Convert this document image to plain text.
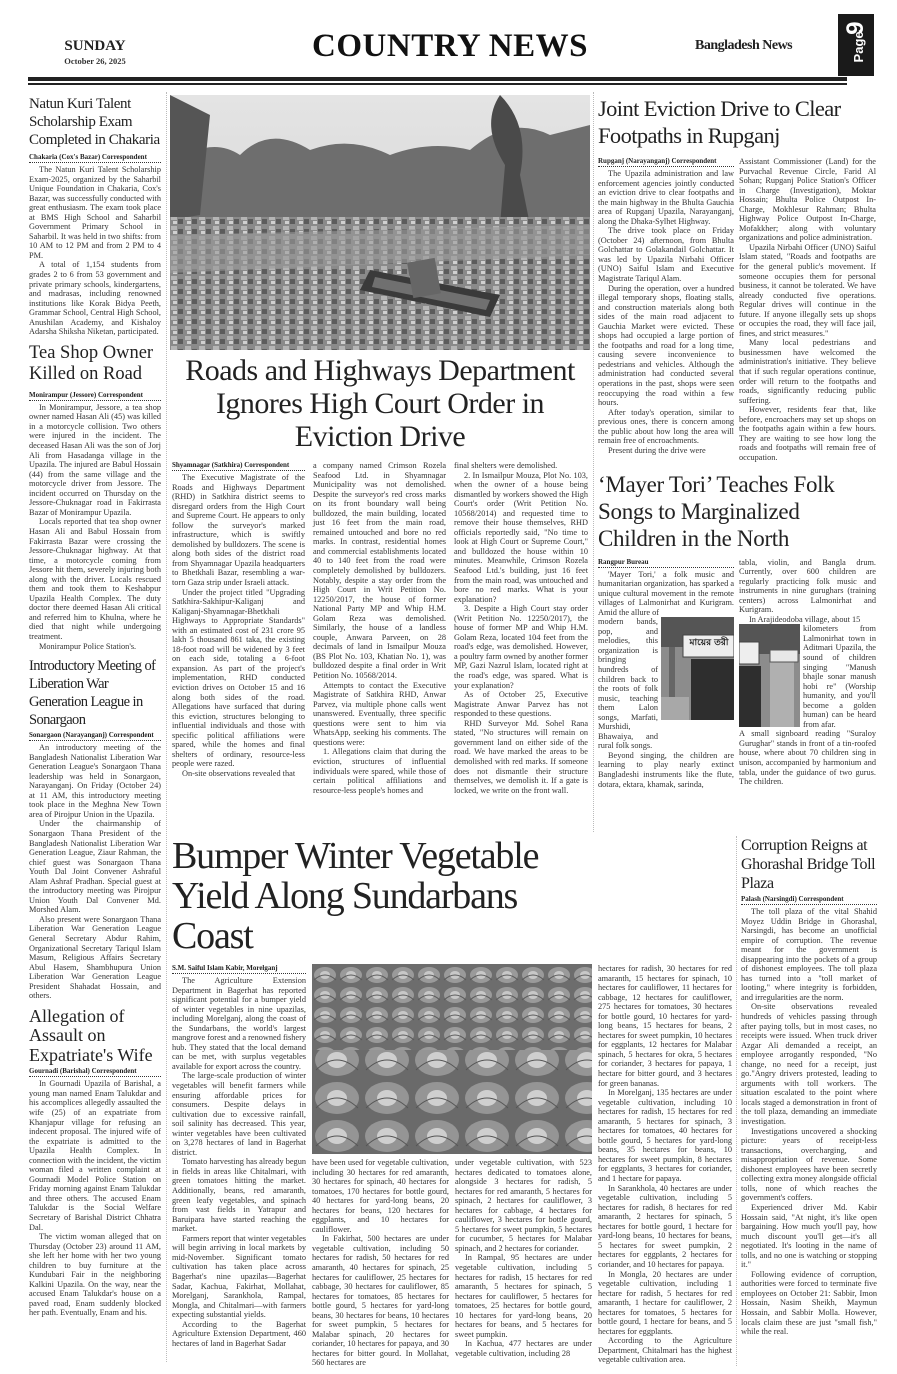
SUNDAY
October 26, 2025	COUNTRY NEWS	Bangladesh News	Page 9
Natun Kuri Talent Scholarship Exam Completed in Chakaria
Chakaria (Cox's Bazar) Correspondent

The Natun Kuri Talent Scholarship Exam-2025, organized by the Saharbil Unique Foundation in Chakaria, Cox's Bazar, was successfully conducted with great enthusiasm. The exam took place at BMS High School and Saharbil Government Primary School in Saharbil. It was held in two shifts: from 10 AM to 12 PM and from 2 PM to 4 PM.

A total of 1,154 students from grades 2 to 6 from 53 government and private primary schools, kindergartens, and madrasas, including renowned institutions like Korak Bidya Peeth, Grammar School, Central High School, Anushilan Academy, and Kishaloy Adarsha Shiksha Niketan, participated.

Tea Shop Owner Killed on Road
Monirampur (Jessore) Correspondent

In Monirampur, Jessore, a tea shop owner named Hasan Ali (45) was killed in a motorcycle collision. Two others were injured in the incident. The deceased Hasan Ali was the son of Jorj Ali from Hasadanga village in the Upazila. The injured are Babul Hossain (44) from the same village and the motorcycle driver from Jessore. The incident occurred on Thursday on the Jessore-Chuknagar road in Fakirrasta Bazar of Monirampur Upazila.

Locals reported that tea shop owner Hasan Ali and Babul Hossain from Fakirrasta Bazar were crossing the Jessore-Chuknagar highway. At that time, a motorcycle coming from Jessore hit them, severely injuring both along with the driver. Locals rescued them and took them to Keshabpur Upazila Health Complex. The duty doctor there deemed Hasan Ali critical and referred him to Khulna, where he died that night while undergoing treatment.

Monirampur Police Station's.

Introductory Meeting of Liberation War Generation League in Sonargaon
Sonargaon (Narayanganj) Correspondent

An introductory meeting of the Bangladesh Nationalist Liberation War Generation League's Sonargaon Thana leadership was held in Sonargaon, Narayanganj. On Friday (October 24) at 11 AM, this introductory meeting took place in the Meghna New Town area of Pirojpur Union in the Upazila.

Under the chairmanship of Sonargaon Thana President of the Bangladesh Nationalist Liberation War Generation League, Ziaur Rahman, the chief guest was Sonargaon Thana Youth Dal Joint Convener Ashraful Alam Ashraf Pradhan. Special guest at the introductory meeting was Pirojpur Union Youth Dal Convener Md. Morshed Alam.

Also present were Sonargaon Thana Liberation War Generation League General Secretary Abdur Rahim, Organizational Secretary Tariqul Islam Masum, Religious Affairs Secretary Abul Hasem, Shambhupura Union Liberation War Generation League President Shahadat Hossain, and others.

Allegation of Assault on Expatriate's Wife
Gournadi (Barishal) Correspondent

In Gournadi Upazila of Barishal, a young man named Enam Talukdar and his accomplices allegedly assaulted the wife (25) of an expatriate from Khanjapur village for refusing an indecent proposal. The injured wife of the expatriate is admitted to the Upazila Health Complex. In connection with the incident, the victim woman filed a written complaint at Gournadi Model Police Station on Friday morning against Enam Talukdar and three others. The accused Enam Talukdar is the Social Welfare Secretary of Barishal District Chhatra Dal.

The victim woman alleged that on Thursday (October 23) around 11 AM, she left her home with her two young children to buy furniture at the Kundubari Fair in the neighboring Kalkini Upazila. On the way, near the accused Enam Talukdar's house on a paved road, Enam suddenly blocked her path. Eventually, Enam and his.

Roads and Highways Department Ignores High Court Order in Eviction Drive
Shyamnagar (Satkhira) Correspondent

The Executive Magistrate of the Roads and Highways Department (RHD) in Satkhira district seems to disregard orders from the High Court and Supreme Court. He appears to only follow the surveyor's marked infrastructure, which is swiftly demolished by bulldozers. The scene is along both sides of the district road from Shyamnagar Upazila headquarters to Bhetkhali Bazar, resembling a war-torn Gaza strip under Israeli attack.

Under the project titled "Upgrading Satkhira-Sakhipur-Kaliganj and Kaliganj-Shyamnagar-Bhetkhali Highways to Appropriate Standards" with an estimated cost of 231 crore 95 lakh 5 thousand 861 taka, the existing 18-foot road will be widened by 3 feet on each side, totaling a 6-foot expansion. As part of the project's implementation, RHD conducted eviction drives on October 15 and 16 along both sides of the road. Allegations have surfaced that during this eviction, structures belonging to influential individuals and those with specific political affiliations were spared, while the homes and final shelters of ordinary, resource-less people were razed.

On-site observations revealed that

a company named Crimson Rozela Seafood Ltd. in Shyamnagar Municipality was not demolished. Despite the surveyor's red cross marks on its front boundary wall being bulldozed, the main building, located just 16 feet from the main road, remained untouched and bore no red marks. In contrast, residential homes and commercial establishments located 40 to 140 feet from the road were completely demolished by bulldozers. Notably, despite a stay order from the High Court in Writ Petition No. 12250/2017, the house of former National Party MP and Whip H.M. Golam Reza was demolished. Similarly, the house of a landless couple, Anwara Parveen, on 28 decimals of land in Ismailpur Mouza (BS Plot No. 103, Khatian No. 1), was bulldozed despite a final order in Writ Petition No. 10568/2014.

Attempts to contact the Executive Magistrate of Satkhira RHD, Anwar Parvez, via multiple phone calls went unanswered. Eventually, three specific questions were sent to him via WhatsApp, seeking his comments. The questions were:

1. Allegations claim that during the eviction, structures of influential individuals were spared, while those of certain political affiliations and resource-less people's homes and

final shelters were demolished.

2. In Ismailpur Mouza, Plot No. 103, when the owner of a house being dismantled by workers showed the High Court's order (Writ Petition No. 10568/2014) and requested time to remove their house themselves, RHD officials reportedly said, "No time to look at High Court or Supreme Court," and bulldozed the house within 10 minutes. Meanwhile, Crimson Rozela Seafood Ltd.'s building, just 16 feet from the main road, was untouched and bore no red marks. What is your explanation?

3. Despite a High Court stay order (Writ Petition No. 12250/2017), the house of former MP and Whip H.M. Golam Reza, located 104 feet from the road's edge, was demolished. However, a poultry farm owned by another former MP, Gazi Nazrul Islam, located right at the road's edge, was spared. What is your explanation?

As of October 25, Executive Magistrate Anwar Parvez has not responded to these questions.

RHD Surveyor Md. Sohel Rana stated, "No structures will remain on government land on either side of the road. We have marked the areas to be demolished with red marks. If someone does not dismantle their structure themselves, we demolish it. If a gate is locked, we write on the front wall.

Joint Eviction Drive to Clear Footpaths in Rupganj
Rupganj (Narayanganj) Correspondent

The Upazila administration and law enforcement agencies jointly conducted an eviction drive to clear footpaths and the main highway in the Bhulta Gauchia area of Rupganj Upazila, Narayanganj, along the Dhaka-Sylhet Highway.

The drive took place on Friday (October 24) afternoon, from Bhulta Golchattar to Golakandail Golchattar. It was led by Upazila Nirbahi Officer (UNO) Saiful Islam and Executive Magistrate Tariqul Alam.

During the operation, over a hundred illegal temporary shops, floating stalls, and construction materials along both sides of the main road adjacent to Gauchia Market were evicted. These shops had occupied a large portion of the footpaths and road for a long time, causing severe inconvenience to pedestrians and vehicles. Although the administration had conducted several operations in the past, shops were seen reoccupying the road within a few hours.

After today's operation, similar to previous ones, there is concern among the public about how long the area will remain free of encroachments.

Present during the drive were

Assistant Commissioner (Land) for the Purvachal Revenue Circle, Farid Al Sohan; Rupganj Police Station's Officer in Charge (Investigation), Moktar Hossain; Bhulta Police Outpost In-Charge, Mokhlesur Rahman; Bhulta Highway Police Outpost In-Charge, Mofakkher; along with voluntary organizations and police administration.

Upazila Nirbahi Officer (UNO) Saiful Islam stated, "Roads and footpaths are for the general public's movement. If someone occupies them for personal business, it cannot be tolerated. We have already conducted five operations. Regular drives will continue in the future. If anyone illegally sets up shops or occupies the road, they will face jail, fines, and strict measures."

Many local pedestrians and businessmen have welcomed the administration's initiative. They believe that if such regular operations continue, order will return to the footpaths and roads, significantly reducing public suffering.

However, residents fear that, like before, encroachers may set up shops on the footpaths again within a few hours. They are waiting to see how long the roads and footpaths will remain free of occupation.

‘Mayer Tori’ Teaches Folk Songs to Marginalized Children in the North
Rangpur Bureau

'Mayer Tori,' a folk music and humanitarian organization, has sparked a unique cultural movement in the remote villages of Lalmonirhat and Kurigram. Amid the allure of

modern bands, pop, and melodies, this organization is bringing hundreds of children back to the roots of folk music, teaching them Lalon songs, Marfati, Murshidi, Bhawaiya, and rural folk songs.

মায়ের তরী

Beyond singing, the children are learning to play nearly extinct Bangladeshi instruments like the flute, dotara, ektara, khamak, sarinda,

tabla, violin, and Bangla drum. Currently, over 600 children are regularly practicing folk music and instruments in nine gurughars (training centers) across Lalmonirhat and Kurigram.

In Arajideodoba village, about 15

kilometers from Lalmonirhat town in Aditmari Upazila, the sound of children singing "Manush bhajle sonar manush hobi re" (Worship humanity, and you'll become a golden human) can be heard from afar.

A small signboard reading "Suraloy Gurughar" stands in front of a tin-roofed house, where about 70 children sing in unison, accompanied by harmonium and tabla, under the guidance of two gurus. The children.

Bumper Winter Vegetable Yield Along Sundarbans Coast
S.M. Saiful Islam Kabir, Morelganj

The Agriculture Extension Department in Bagerhat has reported significant potential for a bumper yield of winter vegetables in nine upazilas, including Morelganj, along the coast of the Sundarbans, the world's largest mangrove forest and a renowned fishery hub. They stated that the local demand can be met, with surplus vegetables available for export across the country.

The large-scale production of winter vegetables will benefit farmers while ensuring affordable prices for consumers. Despite delays in cultivation due to excessive rainfall, soil salinity has decreased. This year, winter vegetables have been cultivated on 3,278 hectares of land in Bagerhat district.

Tomato harvesting has already begun in fields in areas like Chitalmari, with green tomatoes hitting the market. Additionally, beans, red amaranth, green leafy vegetables, and spinach from vast fields in Yatrapur and Baruipara have started reaching the market.

Farmers report that winter vegetables will begin arriving in local markets by mid-November. Significant tomato cultivation has taken place across Bagerhat's nine upazilas—Bagerhat Sadar, Kachua, Fakirhat, Mollahat, Morelganj, Sarankhola, Rampal, Mongla, and Chitalmari—with farmers expecting substantial yields.

According to the Bagerhat Agriculture Extension Department, 460 hectares of land in Bagerhat Sadar

have been used for vegetable cultivation, including 30 hectares for red amaranth, 30 hectares for spinach, 40 hectares for tomatoes, 170 hectares for bottle gourd, 40 hectares for yard-long beans, 20 hectares for beans, 120 hectares for eggplants, and 10 hectares for cauliflower.

In Fakirhat, 500 hectares are under vegetable cultivation, including 50 hectares for radish, 50 hectares for red amaranth, 40 hectares for spinach, 25 hectares for cauliflower, 25 hectares for cabbage, 30 hectares for cauliflower, 85 hectares for tomatoes, 85 hectares for bottle gourd, 5 hectares for yard-long beans, 30 hectares for beans, 10 hectares for sweet pumpkin, 5 hectares for Malabar spinach, 20 hectares for coriander, 10 hectares for papaya, and 30 hectares for bitter gourd. In Mollahat, 560 hectares are

under vegetable cultivation, with 523 hectares dedicated to tomatoes alone, alongside 3 hectares for radish, 5 hectares for red amaranth, 5 hectares for spinach, 2 hectares for cauliflower, 3 hectares for cabbage, 4 hectares for cauliflower, 3 hectares for bottle gourd, 5 hectares for sweet pumpkin, 5 hectares for cucumber, 5 hectares for Malabar spinach, and 2 hectares for coriander.

In Rampal, 95 hectares are under vegetable cultivation, including 5 hectares for radish, 15 hectares for red amaranth, 5 hectares for spinach, 5 hectares for cauliflower, 5 hectares for tomatoes, 25 hectares for bottle gourd, 10 hectares for yard-long beans, 20 hectares for beans, and 5 hectares for sweet pumpkin.

In Kachua, 477 hectares are under vegetable cultivation, including 28

hectares for radish, 30 hectares for red amaranth, 15 hectares for spinach, 10 hectares for cauliflower, 11 hectares for cabbage, 12 hectares for cauliflower, 275 hectares for tomatoes, 30 hectares for bottle gourd, 10 hectares for yard-long beans, 15 hectares for beans, 2 hectares for sweet pumpkin, 10 hectares for eggplants, 12 hectares for Malabar spinach, 5 hectares for okra, 5 hectares for coriander, 3 hectares for papaya, 1 hectare for bitter gourd, and 3 hectares for green bananas.

In Morelganj, 135 hectares are under vegetable cultivation, including 10 hectares for radish, 15 hectares for red amaranth, 5 hectares for spinach, 3 hectares for tomatoes, 40 hectares for bottle gourd, 5 hectares for yard-long beans, 35 hectares for beans, 10 hectares for sweet pumpkin, 8 hectares for eggplants, 3 hectares for coriander, and 1 hectare for papaya.

In Sarankhola, 40 hectares are under vegetable cultivation, including 5 hectares for radish, 8 hectares for red amaranth, 2 hectares for spinach, 5 hectares for bottle gourd, 1 hectare for yard-long beans, 10 hectares for beans, 5 hectares for sweet pumpkin, 2 hectares for eggplants, 2 hectares for coriander, and 10 hectares for papaya.

In Mongla, 20 hectares are under vegetable cultivation, including 1 hectare for radish, 5 hectares for red amaranth, 1 hectare for cauliflower, 2 hectares for tomatoes, 5 hectares for bottle gourd, 1 hectare for beans, and 5 hectares for eggplants.

According to the Agriculture Department, Chitalmari has the highest vegetable cultivation area.

Corruption Reigns at Ghorashal Bridge Toll Plaza
Palash (Narsingdi) Correspondent

The toll plaza of the vital Shahid Moyez Uddin Bridge in Ghorashal, Narsingdi, has become an unofficial empire of corruption. The revenue meant for the government is disappearing into the pockets of a group of dishonest employees. The toll plaza has turned into a "toll market of looting," where integrity is forbidden, and irregularities are the norm.

On-site observations revealed hundreds of vehicles passing through after paying tolls, but in most cases, no receipts were issued. When truck driver Azgar Ali demanded a receipt, an employee arrogantly responded, "No change, no need for a receipt, just go."Angry drivers protested, leading to arguments with toll workers. The situation escalated to the point where locals staged a demonstration in front of the toll plaza, demanding an immediate investigation.

Investigations uncovered a shocking picture: years of receipt-less transactions, overcharging, and misappropriation of revenue. Some dishonest employees have been secretly collecting extra money alongside official tolls, none of which reaches the government's coffers.

Experienced driver Md. Kabir Hossain said, "At night, it's like open bargaining. How much you'll pay, how much discount you'll get—it's all negotiated. It's looting in the name of tolls, and no one is watching or stopping it."

Following evidence of corruption, authorities were forced to terminate five employees on October 21: Sabbir, Imon Hossain, Nasim Sheikh, Maymun Hossain, and Sabbir Molla. However, locals claim these are just "small fish," while the real.
